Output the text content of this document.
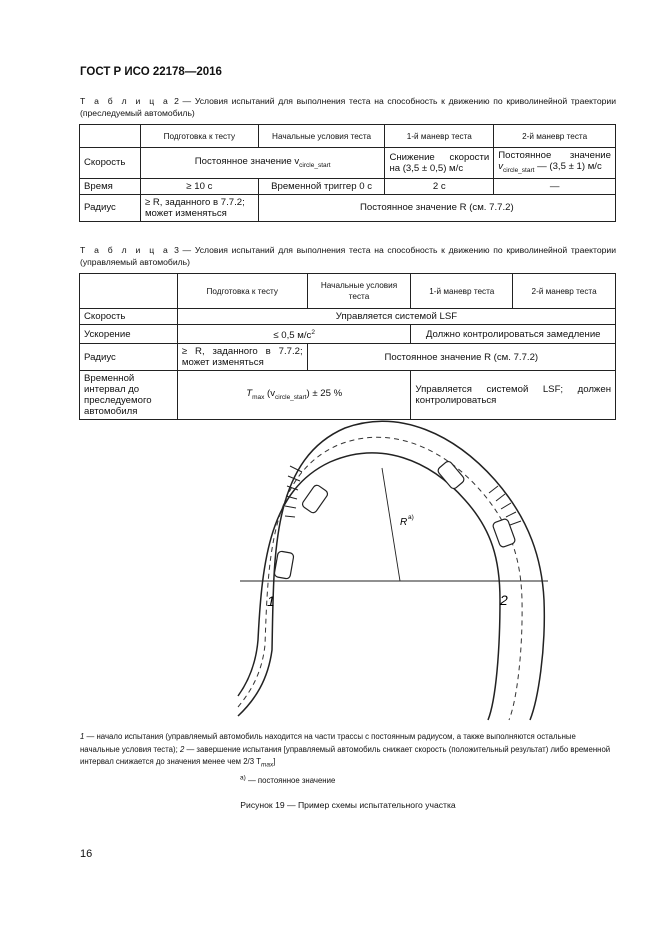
ГОСТ Р ИСО 22178—2016
Т а б л и ц а 2 — Условия испытаний для выполнения теста на способность к движению по криволинейной траектории (преследуемый автомобиль)
	Подготовка к тесту	Начальные условия теста	1-й маневр теста	2-й маневр теста
Скорость	Постоянное значение $v_{circle\_start}$		Снижение скорости на (3,5 ± 0,5) м/с	Постоянное значение
$v_{circle\_start}$ — (3,5 ± 1) м/с

Время	≥ 10 с	Временной триггер 0 с	2 с	—
Радиус	≥ R, заданного в 7.7.2; может изменяться	Постоянное значение R (см. 7.7.2)		
Т а б л и ц а 3 — Условия испытаний для выполнения теста на способность к движению по криволинейной траектории (управляемый автомобиль)
	Подготовка к тесту	Начальные условия теста	1-й маневр теста	2-й маневр теста
Скорость	Управляется системой LSF			
Ускорение	≤ 0,5 $м/с^2$		Должно контролироваться замедление	
Радиус	≥ R, заданного в 7.7.2; может изменяться	Постоянное значение R (см. 7.7.2)		
Временной интервал до преследуемого автомобиля	$T_{max}$ $(v_{circle\_start}) \pm 25$ %		Управляется системой LSF; должен контролироваться	
1	2
R a)
1 — начало испытания (управляемый автомобиль находится на части трассы с постоянным радиусом, а также выполняются остальные начальные условия теста); 2 — завершение испытания [управляемый автомобиль снижает скорость (положительный результат) либо временной интервал снижается до значения менее чем 2/3 $T_{max}$]
$^{а)}$ — постоянное значение
Рисунок 19 — Пример схемы испытательного участка
16
